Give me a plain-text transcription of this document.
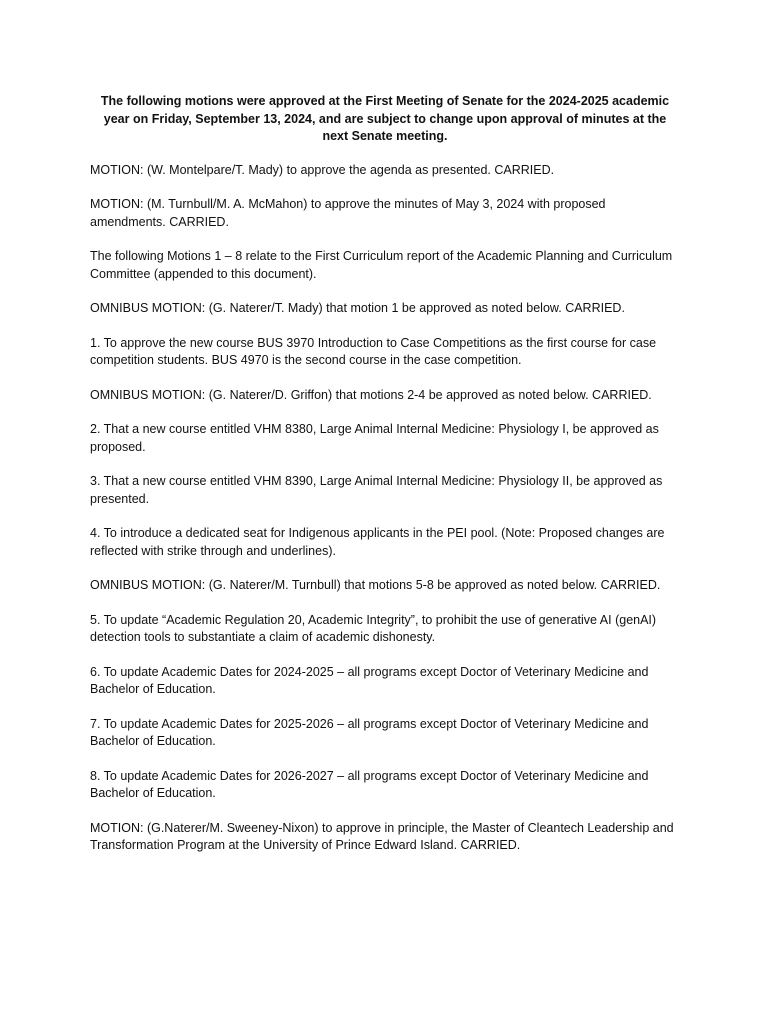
The following motions were approved at the First Meeting of Senate for the 2024-2025 academic year on Friday, September 13, 2024, and are subject to change upon approval of minutes at the next Senate meeting.
MOTION: (W. Montelpare/T. Mady) to approve the agenda as presented. CARRIED.
MOTION: (M. Turnbull/M. A. McMahon) to approve the minutes of May 3, 2024 with proposed amendments. CARRIED.
The following Motions 1 – 8 relate to the First Curriculum report of the Academic Planning and Curriculum Committee (appended to this document).
OMNIBUS MOTION: (G. Naterer/T. Mady) that motion 1 be approved as noted below. CARRIED.
1. To approve the new course BUS 3970 Introduction to Case Competitions as the first course for case competition students. BUS 4970 is the second course in the case competition.
OMNIBUS MOTION: (G. Naterer/D. Griffon) that motions 2-4 be approved as noted below. CARRIED.
2. That a new course entitled VHM 8380, Large Animal Internal Medicine: Physiology I, be approved as proposed.
3. That a new course entitled VHM 8390, Large Animal Internal Medicine: Physiology II, be approved as presented.
4. To introduce a dedicated seat for Indigenous applicants in the PEI pool. (Note: Proposed changes are reflected with strike through and underlines).
OMNIBUS MOTION: (G. Naterer/M. Turnbull) that motions 5-8 be approved as noted below. CARRIED.
5. To update “Academic Regulation 20, Academic Integrity”, to prohibit the use of generative AI (genAI) detection tools to substantiate a claim of academic dishonesty.
6. To update Academic Dates for 2024-2025 – all programs except Doctor of Veterinary Medicine and Bachelor of Education.
7. To update Academic Dates for 2025-2026 – all programs except Doctor of Veterinary Medicine and Bachelor of Education.
8. To update Academic Dates for 2026-2027 – all programs except Doctor of Veterinary Medicine and Bachelor of Education.
MOTION: (G.Naterer/M. Sweeney-Nixon) to approve in principle, the Master of Cleantech Leadership and Transformation Program at the University of Prince Edward Island. CARRIED.
